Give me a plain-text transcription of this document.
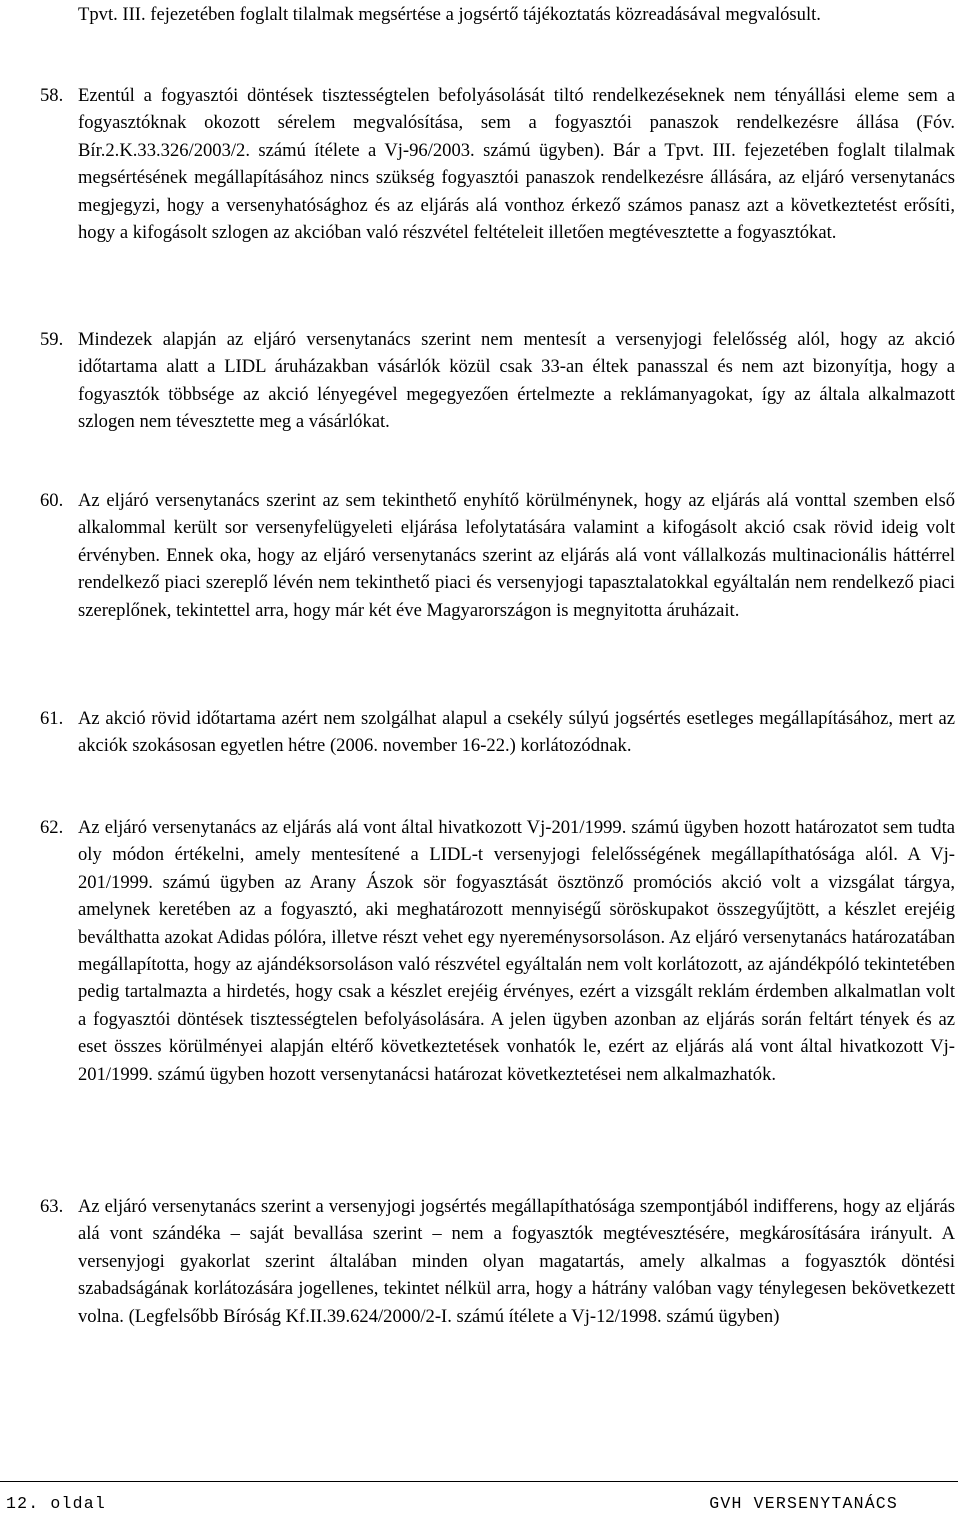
Tpvt. III. fejezetében foglalt tilalmak megsértése a jogsértő tájékoztatás közreadásával megvalósult.

58. Ezentúl a fogyasztói döntések tisztességtelen befolyásolását tiltó rendelkezéseknek nem tényállási eleme sem a fogyasztóknak okozott sérelem megvalósítása, sem a fogyasztói panaszok rendelkezésre állása (Fóv. Bír.2.K.33.326/2003/2. számú ítélete a Vj-96/2003. számú ügyben). Bár a Tpvt. III. fejezetében foglalt tilalmak megsértésének megállapításához nincs szükség fogyasztói panaszok rendelkezésre állására, az eljáró versenytanács megjegyzi, hogy a versenyhatósághoz és az eljárás alá vonthoz érkező számos panasz azt a következtetést erősíti, hogy a kifogásolt szlogen az akcióban való részvétel feltételeit illetően megtévesztette a fogyasztókat.

59. Mindezek alapján az eljáró versenytanács szerint nem mentesít a versenyjogi felelősség alól, hogy az akció időtartama alatt a LIDL áruházakban vásárlók közül csak 33-an éltek panasszal és nem azt bizonyítja, hogy a fogyasztók többsége az akció lényegével megegyezően értelmezte a reklámanyagokat, így az általa alkalmazott szlogen nem tévesztette meg a vásárlókat.

60. Az eljáró versenytanács szerint az sem tekinthető enyhítő körülménynek, hogy az eljárás alá vonttal szemben első alkalommal került sor versenyfelügyeleti eljárása lefolytatására valamint a kifogásolt akció csak rövid ideig volt érvényben. Ennek oka, hogy az eljáró versenytanács szerint az eljárás alá vont vállalkozás multinacionális háttérrel rendelkező piaci szereplő lévén nem tekinthető piaci és versenyjogi tapasztalatokkal egyáltalán nem rendelkező piaci szereplőnek, tekintettel arra, hogy már két éve Magyarországon is megnyitotta áruházait.

61. Az akció rövid időtartama azért nem szolgálhat alapul a csekély súlyú jogsértés esetleges megállapításához, mert az akciók szokásosan egyetlen hétre (2006. november 16-22.) korlátozódnak.

62. Az eljáró versenytanács az eljárás alá vont által hivatkozott Vj-201/1999. számú ügyben hozott határozatot sem tudta oly módon értékelni, amely mentesítené a LIDL-t versenyjogi felelősségének megállapíthatósága alól. A Vj-201/1999. számú ügyben az Arany Ászok sör fogyasztását ösztönző promóciós akció volt a vizsgálat tárgya, amelynek keretében az a fogyasztó, aki meghatározott mennyiségű söröskupakot összegyűjtött, a készlet erejéig beválthatta azokat Adidas pólóra, illetve részt vehet egy nyereménysorsoláson. Az eljáró versenytanács határozatában megállapította, hogy az ajándéksorsoláson való részvétel egyáltalán nem volt korlátozott, az ajándékpóló tekintetében pedig tartalmazta a hirdetés, hogy csak a készlet erejéig érvényes, ezért a vizsgált reklám érdemben alkalmatlan volt a fogyasztói döntések tisztességtelen befolyásolására. A jelen ügyben azonban az eljárás során feltárt tények és az eset összes körülményei alapján eltérő következtetések vonhatók le, ezért az eljárás alá vont által hivatkozott Vj-201/1999. számú ügyben hozott versenytanácsi határozat következtetései nem alkalmazhatók.

63. Az eljáró versenytanács szerint a versenyjogi jogsértés megállapíthatósága szempontjából indifferens, hogy az eljárás alá vont szándéka – saját bevallása szerint – nem a fogyasztók megtévesztésére, megkárosítására irányult. A versenyjogi gyakorlat szerint általában minden olyan magatartás, amely alkalmas a fogyasztók döntési szabadságának korlátozására jogellenes, tekintet nélkül arra, hogy a hátrány valóban vagy ténylegesen bekövetkezett volna. (Legfelsőbb Bíróság Kf.II.39.624/2000/2-I. számú ítélete a Vj-12/1998. számú ügyben)

12. oldal	GVH VERSENYTANÁCS
